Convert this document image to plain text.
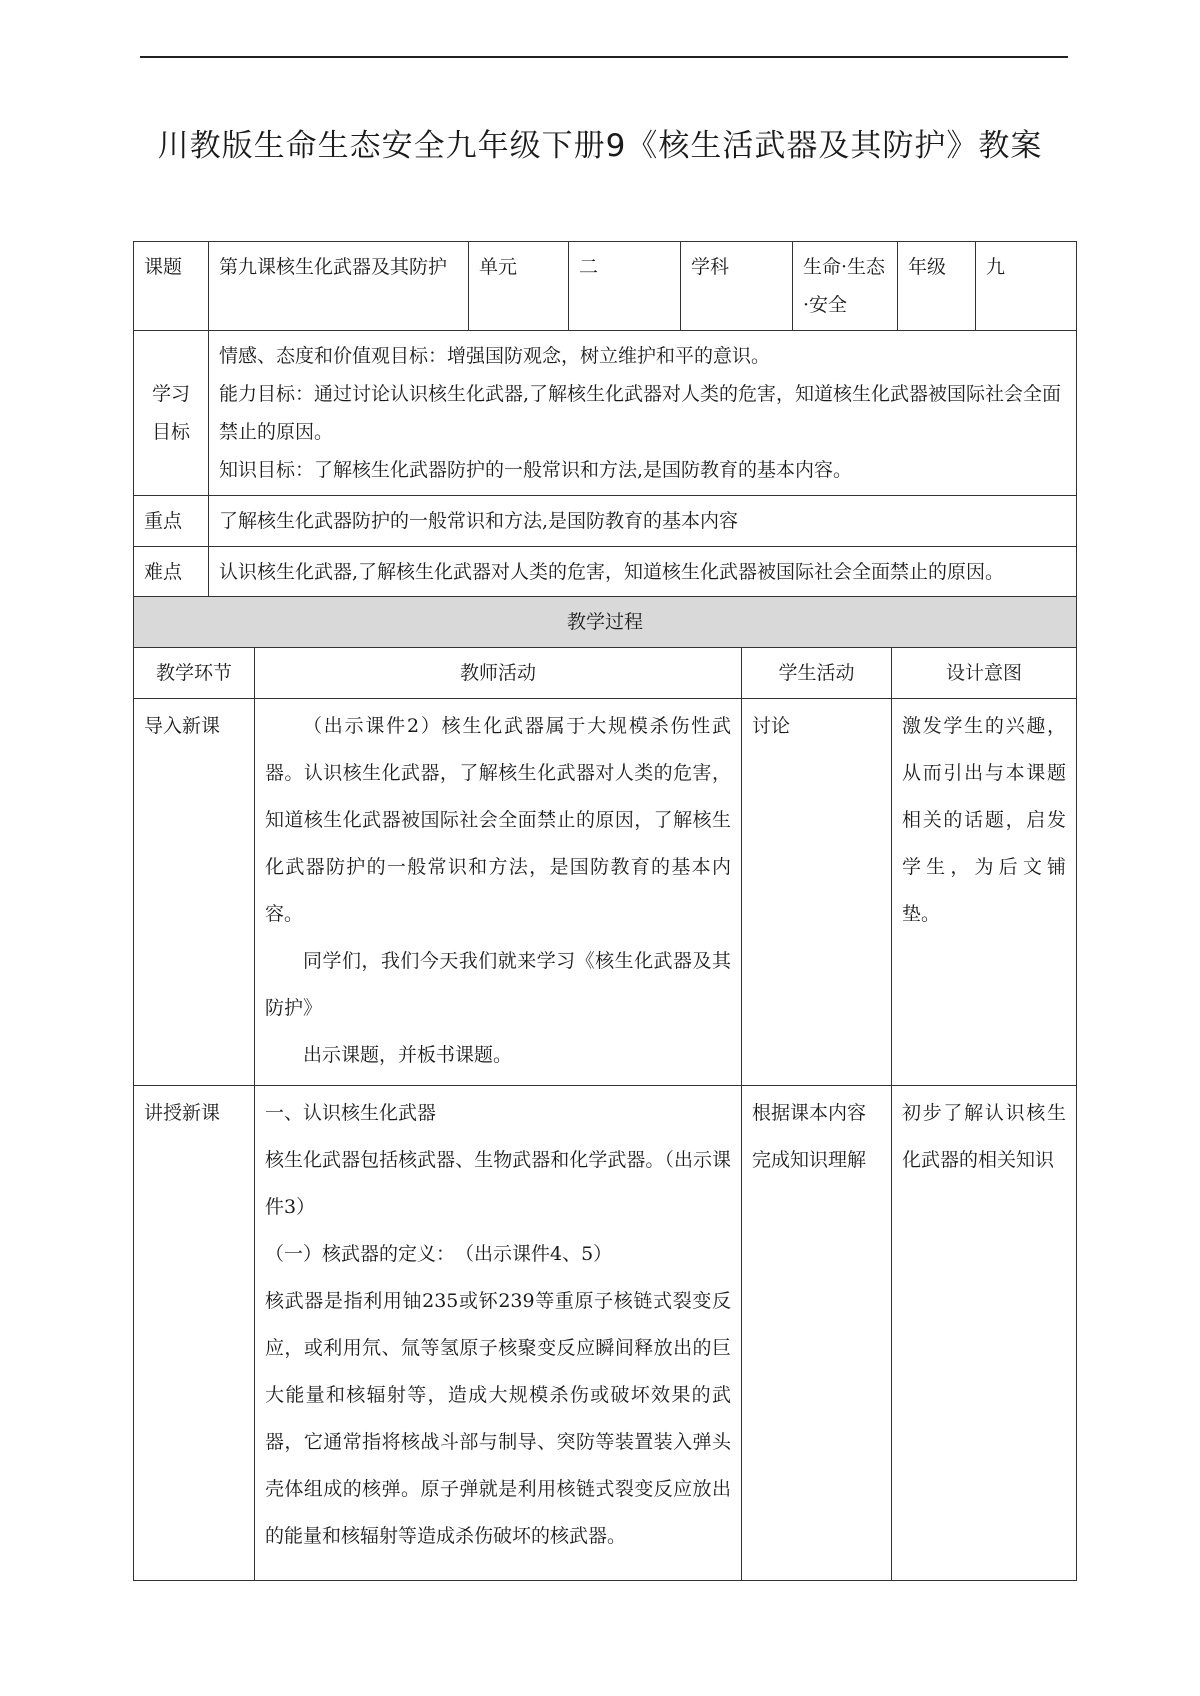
川教版生命生态安全九年级下册9《核生活武器及其防护》教案
课题	第九课核生化武器及其防护	单元	二	学科	生命·生态·安全	年级	九
学习目标	情感、态度和价值观目标：增强国防观念，树立维护和平的意识。

能力目标：通过讨论认识核生化武器,了解核生化武器对人类的危害，知道核生化武器被国际社会全面禁止的原因。

知识目标：了解核生化武器防护的一般常识和方法,是国防教育的基本内容。						

重点	了解核生化武器防护的一般常识和方法,是国防教育的基本内容						
难点	认识核生化武器,了解核生化武器对人类的危害，知道核生化武器被国际社会全面禁止的原因。						
教学过程			
教学环节	教师活动	学生活动	设计意图
导入新课	（出示课件2）核生化武器属于大规模杀伤性武器。认识核生化武器，了解核生化武器对人类的危害，知道核生化武器被国际社会全面禁止的原因，了解核生化武器防护的一般常识和方法，是国防教育的基本内容。

同学们，我们今天我们就来学习《核生化武器及其防护》

出示课题，并板书课题。	讨论	激发学生的兴趣，从而引出与本课题相关的话题，启发学生，为后文铺垫。
讲授新课	一、认识核生化武器

核生化武器包括核武器、生物武器和化学武器。（出示课件3）

（一）核武器的定义：　（出示课件4、5）

核武器是指利用铀235或钚239等重原子核链式裂变反应，或利用氘、氚等氢原子核聚变反应瞬间释放出的巨大能量和核辐射等，造成大规模杀伤或破坏效果的武器，它通常指将核战斗部与制导、突防等装置装入弹头壳体组成的核弹。原子弹就是利用核链式裂变反应放出的能量和核辐射等造成杀伤破坏的核武器。	根据课本内容完成知识理解	初步了解认识核生化武器的相关知识
